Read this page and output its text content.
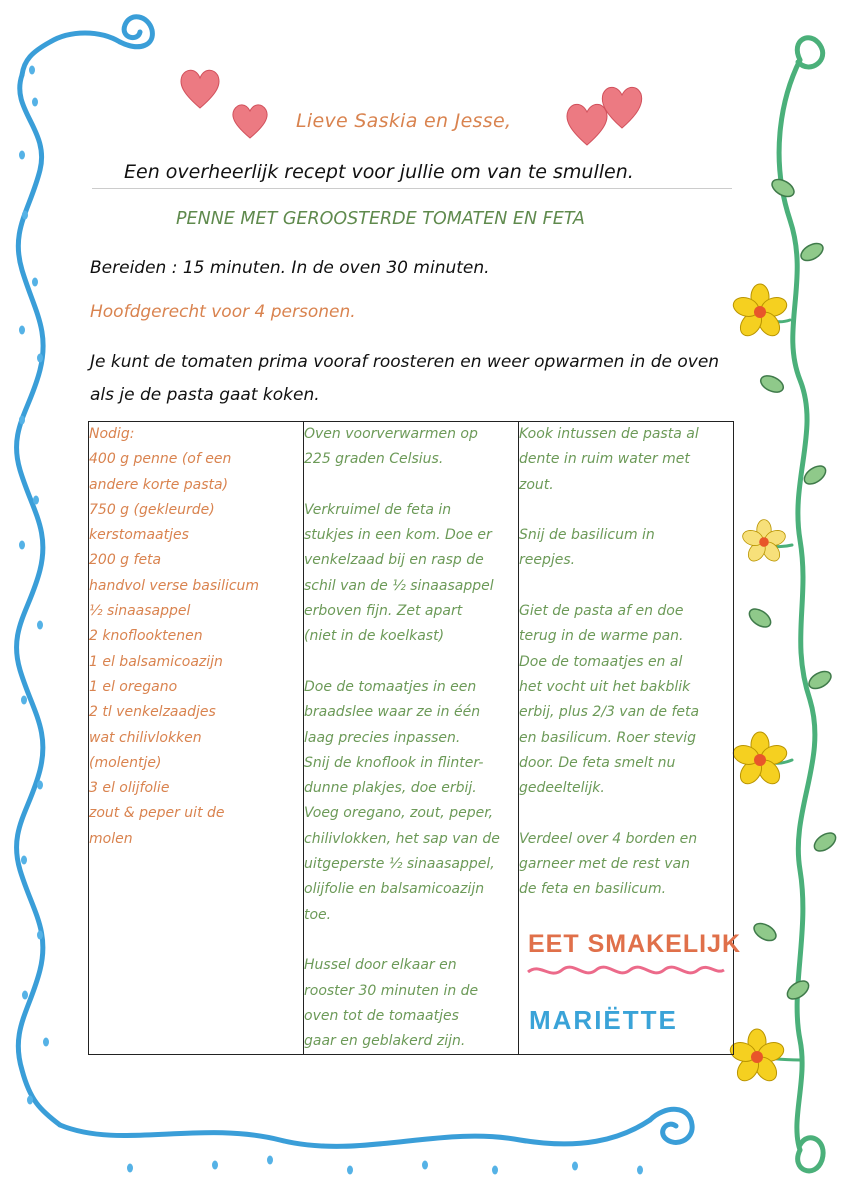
Lieve Saskia en Jesse,
Een overheerlijk recept voor jullie om van te smullen.
PENNE MET GEROOSTERDE TOMATEN EN FETA
Bereiden : 15 minuten. In de oven 30 minuten.
Hoofdgerecht voor 4 personen.
Je kunt de tomaten prima vooraf roosteren en weer opwarmen in de oven als je de pasta gaat koken.
Nodig:
400 g penne (of een
andere korte pasta)
750 g (gekleurde)
kerstomaatjes
200 g feta
handvol verse basilicum
½ sinaasappel
2 knoflooktenen
1 el balsamicoazijn
1 el oregano
2 tl venkelzaadjes
wat chilivlokken
(molentje)
3 el olijfolie
zout & peper uit de
molen

Oven voorverwarmen op
225 graden Celsius.
Verkruimel de feta in
stukjes in een kom. Doe er
venkelzaad bij en rasp de
schil van de ½ sinaasappel
erboven fijn. Zet apart
(niet in de koelkast)
Doe de tomaatjes in een
braadslee waar ze in één
laag precies inpassen.
Snij de knoflook in flinter-
dunne plakjes, doe erbij.
Voeg oregano, zout, peper,
chilivlokken, het sap van de
uitgeperste ½ sinaasappel,
olijfolie en balsamicoazijn
toe.
Hussel door elkaar en
rooster 30 minuten in de
oven tot de tomaatjes
gaar en geblakerd zijn.

Kook intussen de pasta al
dente in ruim water met
zout.
Snij de basilicum in
reepjes.
Giet de pasta af en doe
terug in de warme pan.
Doe de tomaatjes en al
het vocht uit het bakblik
erbij, plus 2/3 van de feta
en basilicum. Roer stevig
door. De feta smelt nu
gedeeltelijk.
Verdeel over 4 borden en
garneer met de rest van
de feta en basilicum.
EET SMAKELIJK
MARIËTTE
